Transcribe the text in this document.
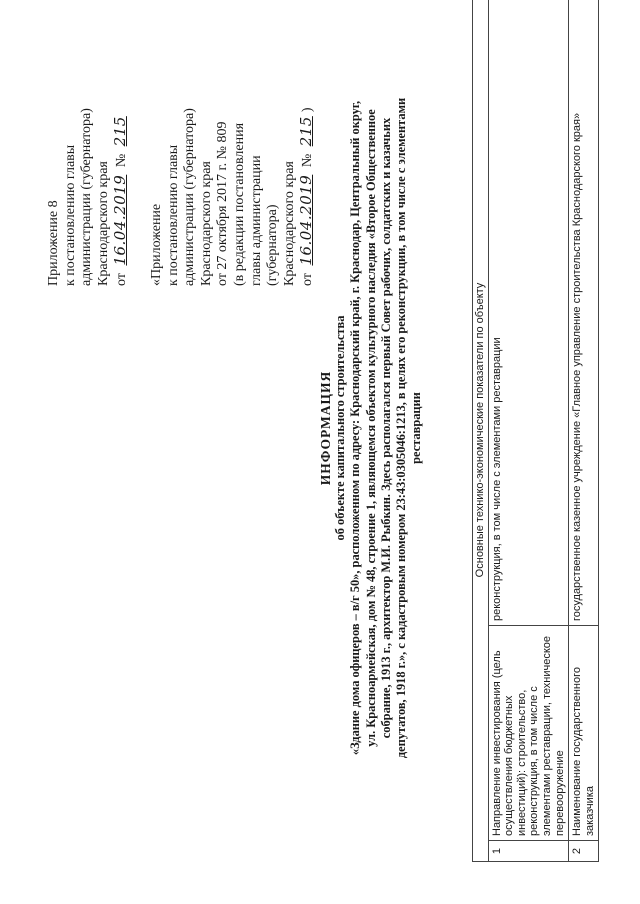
Приложение 8 к постановлению главы администрации (губернатора) Краснодарского края от 16.04.2019 № 215
«Приложение к постановлению главы администрации (губернатора) Краснодарского края от 27 октября 2017 г. № 809 (в редакции постановления главы администрации (губернатора) Краснодарского края от 16.04.2019 № 215)
ИНФОРМАЦИЯ об объекте капитального строительства «Здание дома офицеров – в/г 50», расположенном по адресу: Краснодарский край, г. Краснодар, Центральный округ, ул. Красноармейская, дом № 48, строение 1, являющемся объектом культурного наследия «Второе Общественное собрание, 1913 г., архитектор М.И. Рыбкин. Здесь располагался первый Совет рабочих, солдатских и казачьих депутатов, 1918 г.», с кадастровым номером 23:43:0305046:1213, в целях его реконструкции, в том числе с элементами реставрации	Основные технико-экономические показатели по объекту		
1	Направление инвестирования (цель осуществления бюджетных инвестиций): строительство, реконструкция, в том числе с элементами реставрации, техническое перевооружение	реконструкция, в том числе с элементами реставрации
2	Наименование государственного заказчика	государственное казенное учреждение «Главное управление строительства Краснодарского края»
